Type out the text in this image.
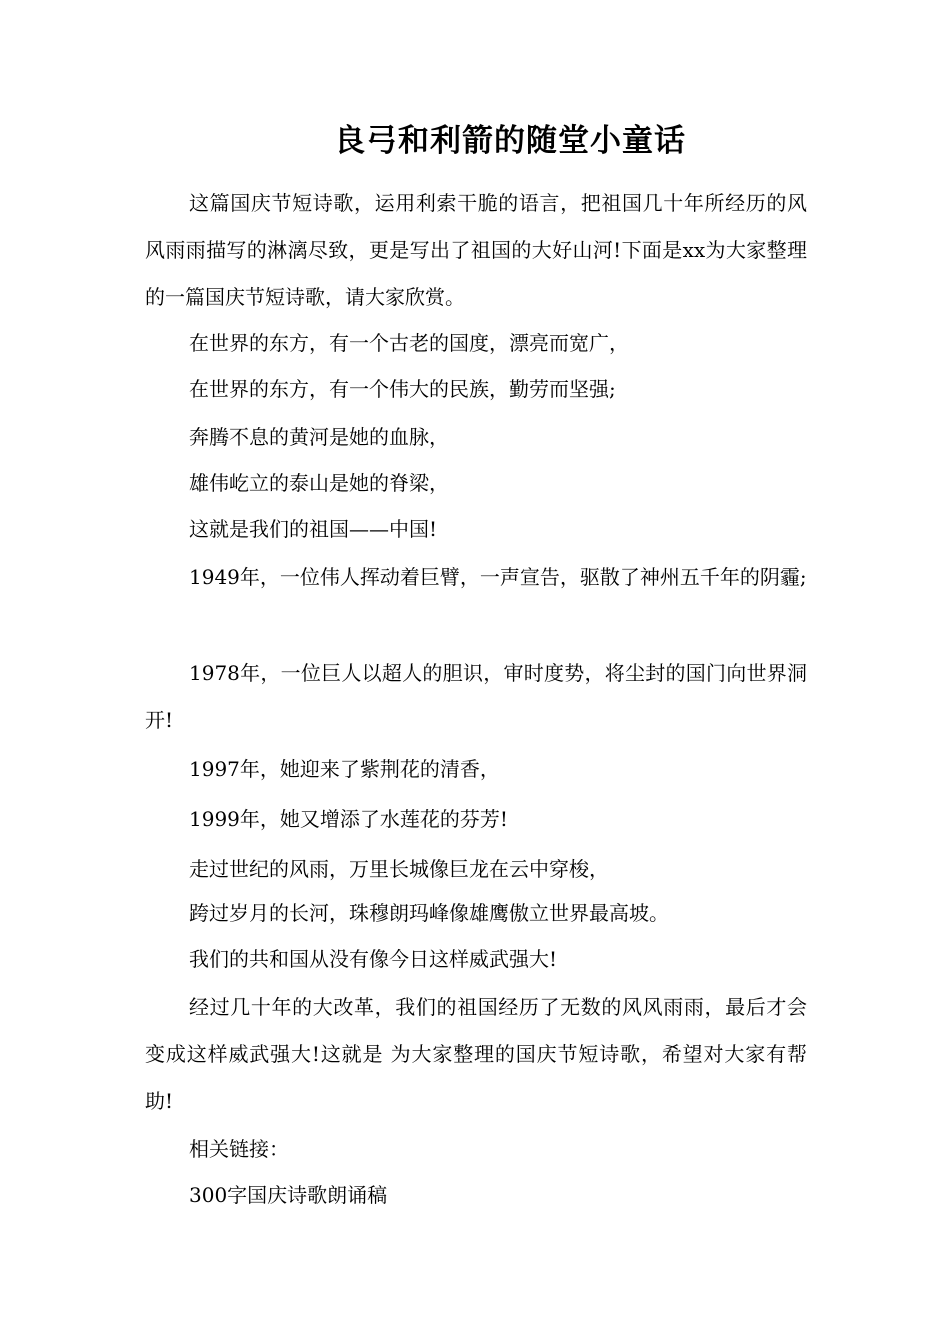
良弓和利箭的随堂小童话

这篇国庆节短诗歌，运用利索干脆的语言，把祖国几十年所经历的风风雨雨描写的淋漓尽致，更是写出了祖国的大好山河!下面是xx为大家整理的一篇国庆节短诗歌，请大家欣赏。

在世界的东方，有一个古老的国度，漂亮而宽广，

在世界的东方，有一个伟大的民族，勤劳而坚强;

奔腾不息的黄河是她的血脉，

雄伟屹立的泰山是她的脊梁，

这就是我们的祖国——中国!

1949年，一位伟人挥动着巨臂，一声宣告，驱散了神州五千年的阴霾;

1978年，一位巨人以超人的胆识，审时度势，将尘封的国门向世界洞开!

1997年，她迎来了紫荆花的清香，

1999年，她又增添了水莲花的芬芳!

走过世纪的风雨，万里长城像巨龙在云中穿梭，

跨过岁月的长河，珠穆朗玛峰像雄鹰傲立世界最高坡。

我们的共和国从没有像今日这样威武强大!

经过几十年的大改革，我们的祖国经历了无数的风风雨雨，最后才会变成这样威武强大!这就是 为大家整理的国庆节短诗歌，希望对大家有帮助!

相关链接：

300字国庆诗歌朗诵稿
